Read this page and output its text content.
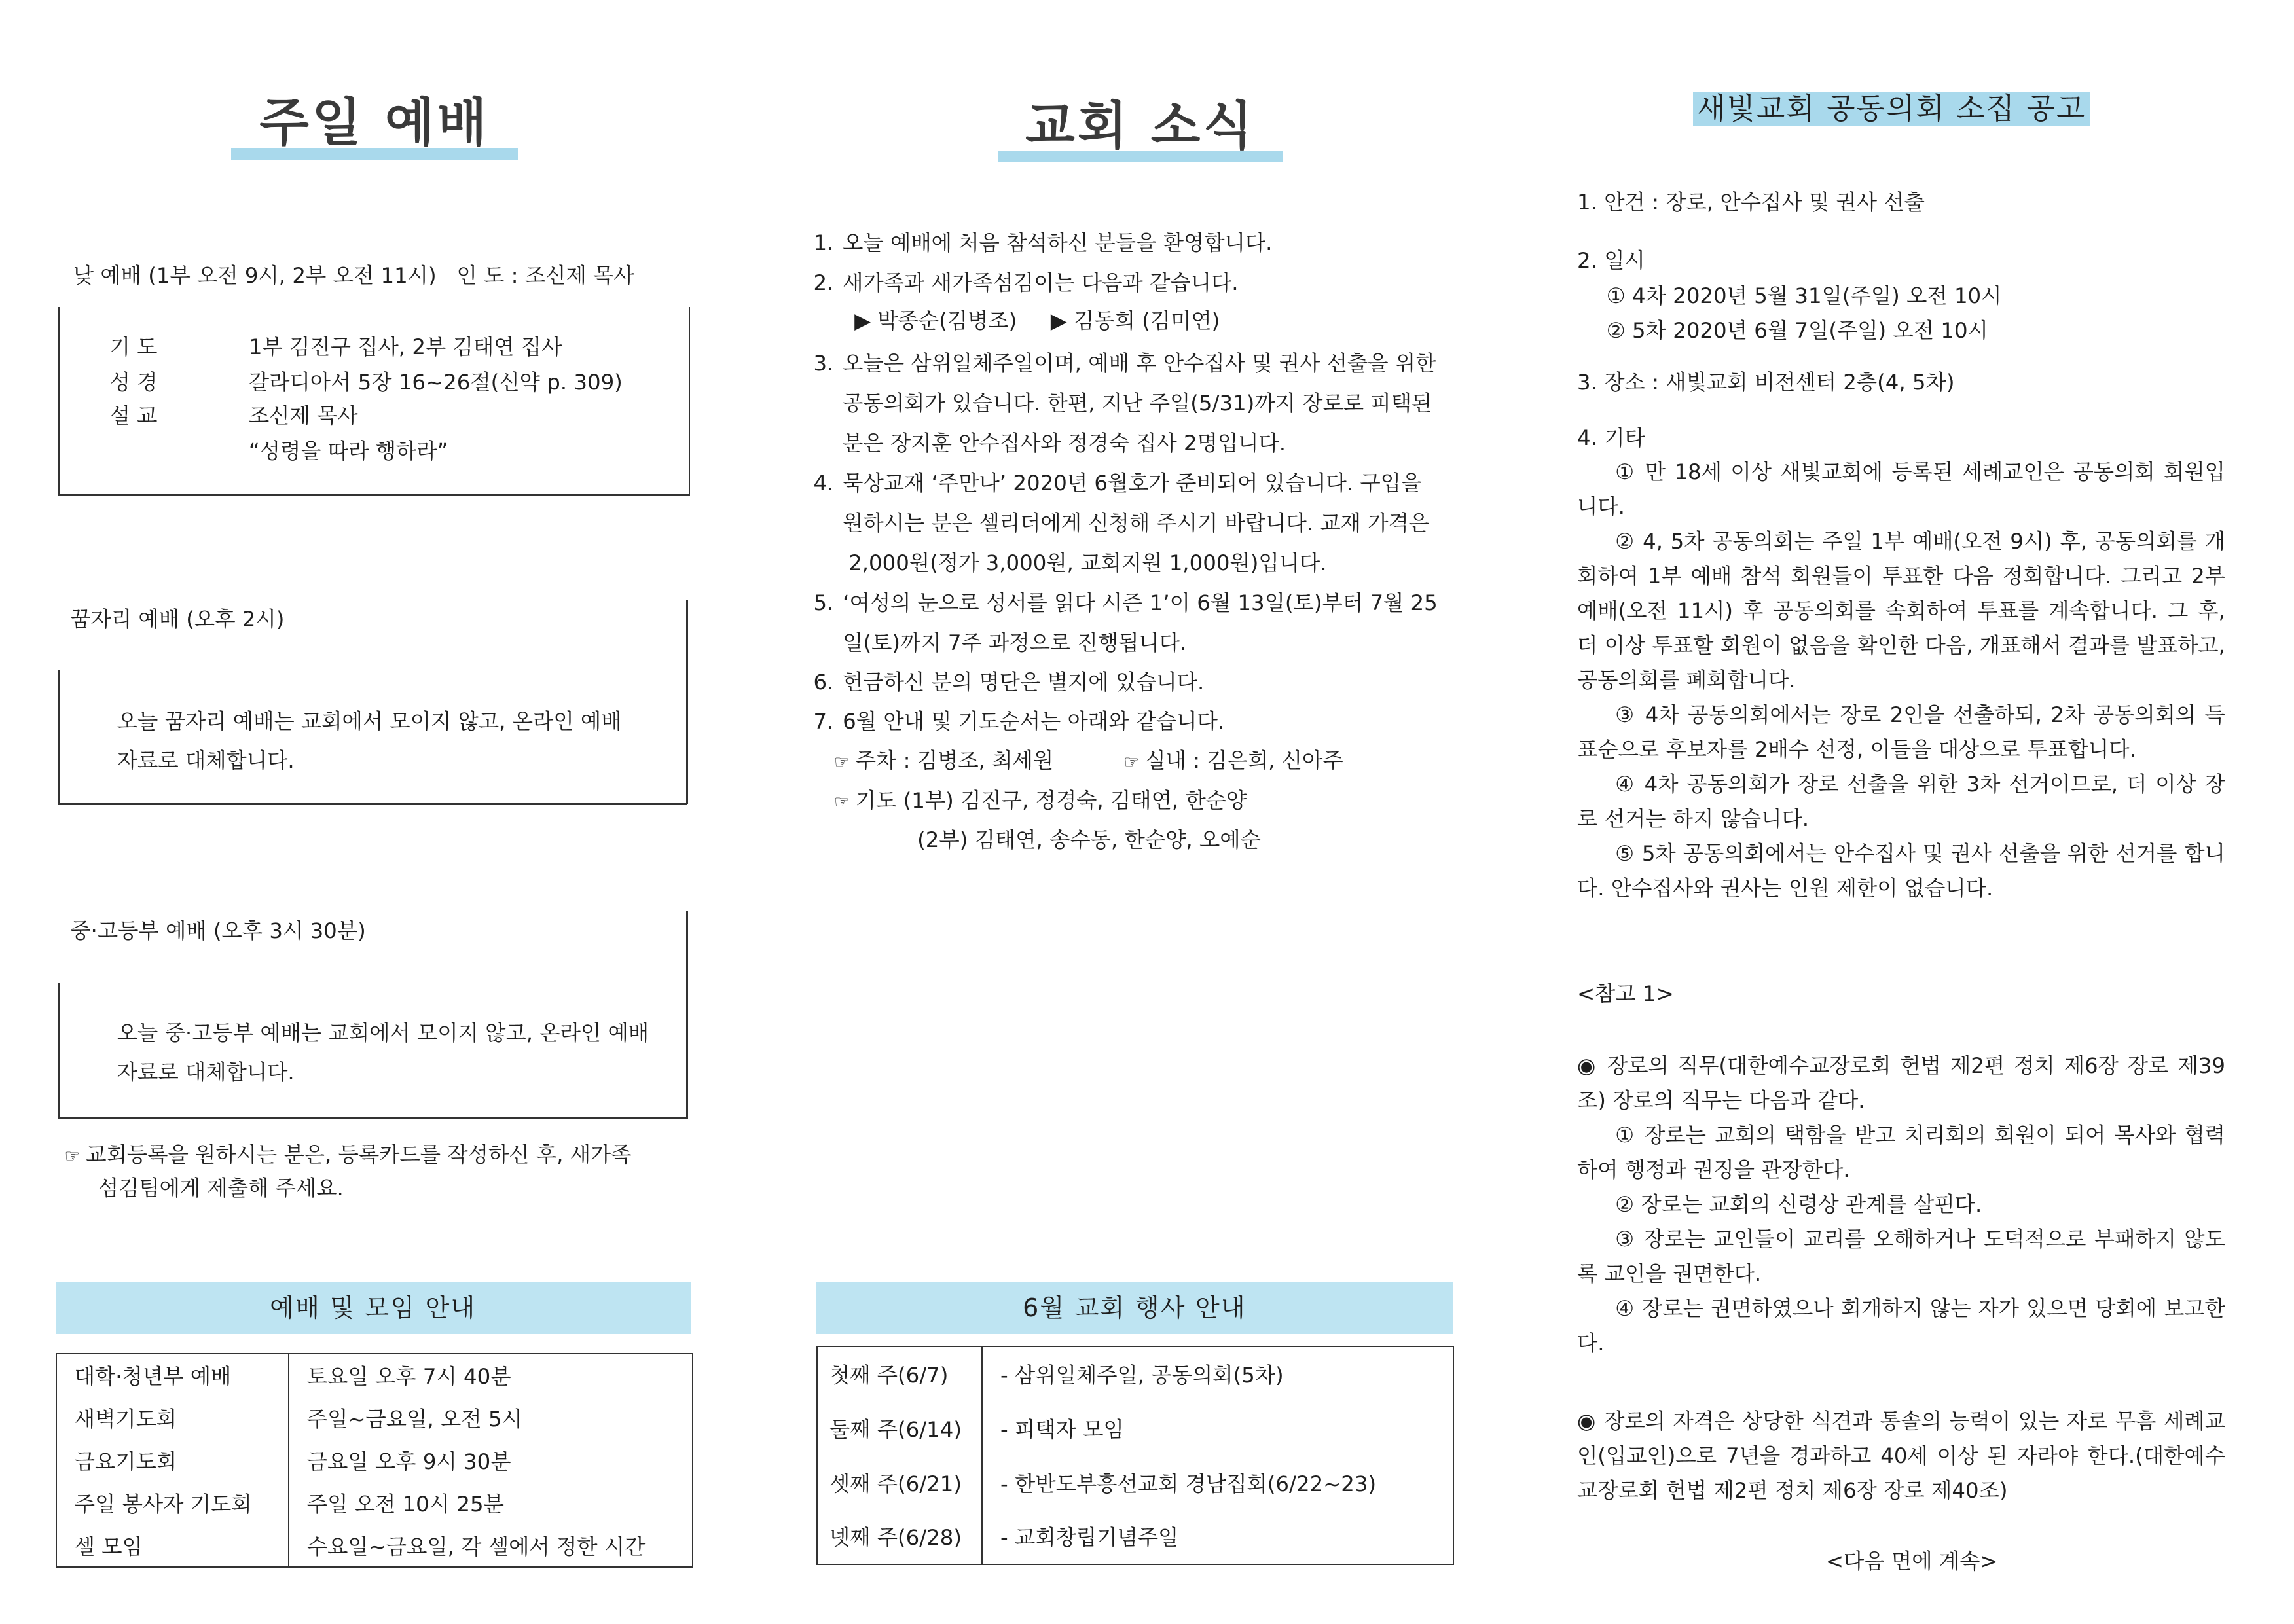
주일 예배
낮 예배 (1부 오전 9시, 2부 오전 11시) 인 도 : 조신제 목사
기 도	1부 김진구 집사, 2부 김태연 집사
성 경	갈라디아서 5장 16~26절(신약 p. 309)
설 교	조신제 목사
“성령을 따라 행하라”
꿈자리 예배 (오후 2시)
오늘 꿈자리 예배는 교회에서 모이지 않고, 온라인 예배
자료로 대체합니다.
중·고등부 예배 (오후 3시 30분)
오늘 중·고등부 예배는 교회에서 모이지 않고, 온라인 예배
자료로 대체합니다.
☞ 교회등록을 원하시는 분은, 등록카드를 작성하신 후, 새가족
섬김팀에게 제출해 주세요.
예배 및 모임 안내
대학·청년부 예배	토요일 오후 7시 40분
새벽기도회	주일~금요일, 오전 5시
금요기도회	금요일 오후 9시 30분
주일 봉사자 기도회	주일 오전 10시 25분
셀 모임	수요일~금요일, 각 셀에서 정한 시간
교회 소식
1. 오늘 예배에 처음 참석하신 분들을 환영합니다.
2. 새가족과 새가족섬김이는 다음과 같습니다.
▶ 박종순(김병조)	▶ 김동희 (김미연)
3. 오늘은 삼위일체주일이며, 예배 후 안수집사 및 권사 선출을 위한
공동의회가 있습니다. 한편, 지난 주일(5/31)까지 장로로 피택된
분은 장지훈 안수집사와 정경숙 집사 2명입니다.
4. 묵상교재 ‘주만나’ 2020년 6월호가 준비되어 있습니다. 구입을
원하시는 분은 셀리더에게 신청해 주시기 바랍니다. 교재 가격은
2,000원(정가 3,000원, 교회지원 1,000원)입니다.
5. ‘여성의 눈으로 성서를 읽다 시즌 1’이 6월 13일(토)부터 7월 25
일(토)까지 7주 과정으로 진행됩니다.
6. 헌금하신 분의 명단은 별지에 있습니다.
7. 6월 안내 및 기도순서는 아래와 같습니다.
☞ 주차 : 김병조, 최세원	☞ 실내 : 김은희, 신아주
☞ 기도 (1부) 김진구, 정경숙, 김태연, 한순양
(2부) 김태연, 송수동, 한순양, 오예순
6월 교회 행사 안내
첫째 주(6/7)	- 삼위일체주일, 공동의회(5차)
둘째 주(6/14)	- 피택자 모임
셋째 주(6/21)	- 한반도부흥선교회 경남집회(6/22~23)
넷째 주(6/28)	- 교회창립기념주일
새빛교회 공동의회 소집 공고
1. 안건 : 장로, 안수집사 및 권사 선출
2. 일시
① 4차 2020년 5월 31일(주일) 오전 10시
② 5차 2020년 6월 7일(주일) 오전 10시
3. 장소 : 새빛교회 비전센터 2층(4, 5차)
4. 기타
① 만 18세 이상 새빛교회에 등록된 세례교인은 공동의회 회원입니다.
② 4, 5차 공동의회는 주일 1부 예배(오전 9시) 후, 공동의회를 개회하여 1부 예배 참석 회원들이 투표한 다음 정회합니다. 그리고 2부 예배(오전 11시) 후 공동의회를 속회하여 투표를 계속합니다. 그 후, 더 이상 투표할 회원이 없음을 확인한 다음, 개표해서 결과를 발표하고, 공동의회를 폐회합니다.
③ 4차 공동의회에서는 장로 2인을 선출하되, 2차 공동의회의 득표순으로 후보자를 2배수 선정, 이들을 대상으로 투표합니다.
④ 4차 공동의회가 장로 선출을 위한 3차 선거이므로, 더 이상 장로 선거는 하지 않습니다.
⑤ 5차 공동의회에서는 안수집사 및 권사 선출을 위한 선거를 합니다. 안수집사와 권사는 인원 제한이 없습니다.
<참고 1>
◉ 장로의 직무(대한예수교장로회 헌법 제2편 정치 제6장 장로 제39조) 장로의 직무는 다음과 같다.
① 장로는 교회의 택함을 받고 치리회의 회원이 되어 목사와 협력하여 행정과 권징을 관장한다.
② 장로는 교회의 신령상 관계를 살핀다.
③ 장로는 교인들이 교리를 오해하거나 도덕적으로 부패하지 않도록 교인을 권면한다.
④ 장로는 권면하였으나 회개하지 않는 자가 있으면 당회에 보고한다.
◉ 장로의 자격은 상당한 식견과 통솔의 능력이 있는 자로 무흠 세례교인(입교인)으로 7년을 경과하고 40세 이상 된 자라야 한다.(대한예수교장로회 헌법 제2편 정치 제6장 장로 제40조)
<다음 면에 계속>
